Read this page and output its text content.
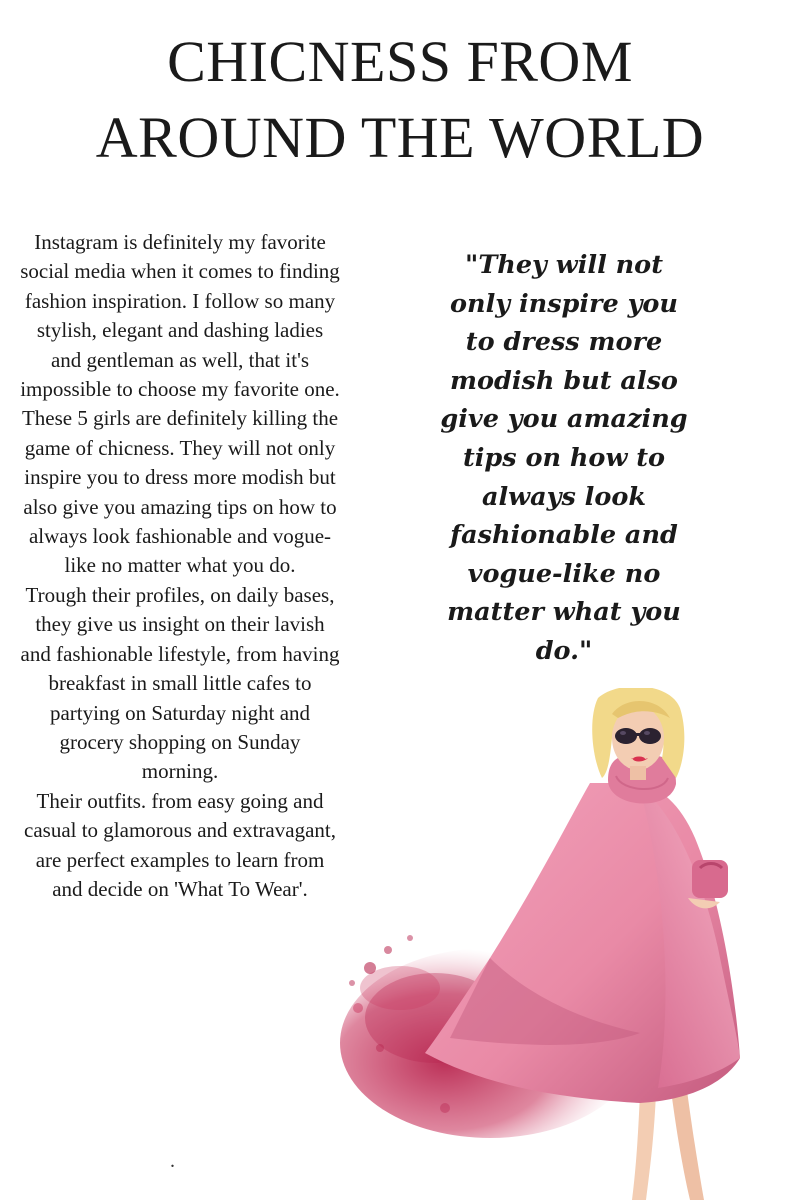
CHICNESS FROM
AROUND THE WORLD

Instagram is definitely my favorite social media when it comes to finding fashion inspiration. I follow so many stylish, elegant and dashing ladies and gentleman as well, that it's impossible to choose my favorite one.

These 5 girls are definitely killing the game of chicness. They will not only inspire you to dress more modish but also give you amazing tips on how to always look fashionable and vogue-like no matter what you do.

Trough their profiles, on daily bases, they give us insight on their lavish and fashionable lifestyle, from having breakfast in small little cafes to partying on Saturday night and grocery shopping on Sunday morning.

Their outfits. from easy going and casual to glamorous and extravagant, are perfect examples to learn from and decide on 'What To Wear'.

"They will not only inspire you to dress more modish but also give you amazing tips on how to always look fashionable and vogue-like no matter what you do."

.
